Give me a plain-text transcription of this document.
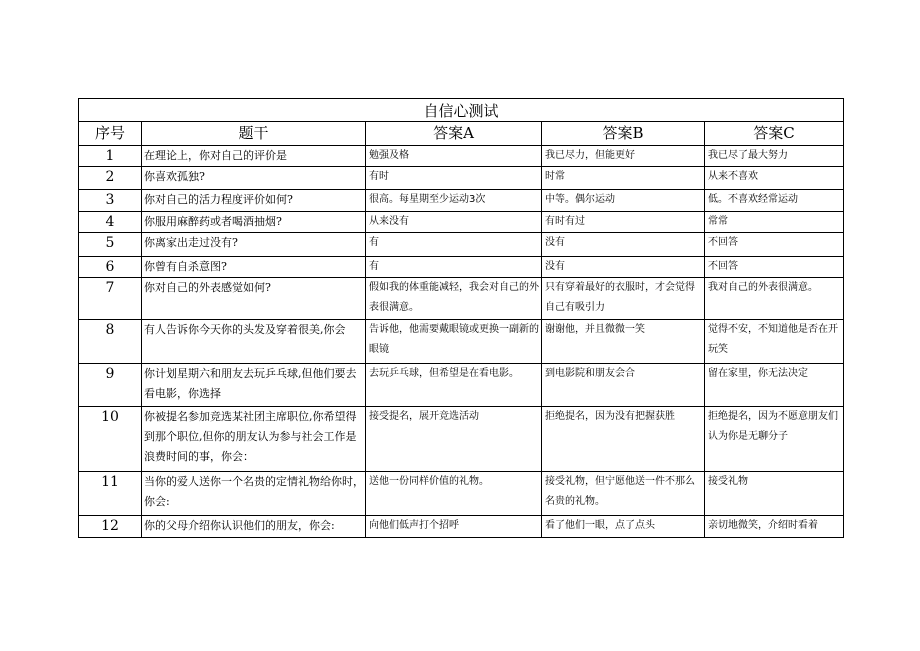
自信心测试				
序号	题干	答案A	答案B	答案C
1	在理论上，你对自己的评价是	勉强及格	我已尽力，但能更好	我已尽了最大努力
2	你喜欢孤独?	有时	时常	从来不喜欢
3	你对自己的活力程度评价如何?	很高。每星期至少运动3次	中等。偶尔运动	低。不喜欢经常运动
4	你服用麻醉药或者喝酒抽烟?	从来没有	有时有过	常常
5	你离家出走过没有?	有	没有	不回答
6	你曾有自杀意图?	有	没有	不回答
7	你对自己的外表感觉如何?	假如我的体重能减轻，我会对自己的外表很满意。	只有穿着最好的衣服时，才会觉得自己有吸引力	我对自己的外表很满意。
8	有人告诉你今天你的头发及穿着很美,你会	告诉他，他需要戴眼镜或更换一副新的眼镜	谢谢他，并且微微一笑	觉得不安，不知道他是否在开玩笑
9	你计划星期六和朋友去玩乒乓球,但他们要去看电影，你选择	去玩乒乓球，但希望是在看电影。	到电影院和朋友会合	留在家里，你无法决定
10	你被提名参加竞选某社团主席职位,你希望得到那个职位,但你的朋友认为参与社会工作是浪费时间的事，你会：	接受提名，展开竞选活动	拒绝提名，因为没有把握获胜	拒绝提名，因为不愿意朋友们认为你是无聊分子
11	当你的爱人送你一个名贵的定情礼物给你时，你会:	送他一份同样价值的礼物。	接受礼物，但宁愿他送一件不那么名贵的礼物。	接受礼物
12	你的父母介绍你认识他们的朋友，你会:	向他们低声打个招呼	看了他们一眼，点了点头	亲切地微笑，介绍时看着
